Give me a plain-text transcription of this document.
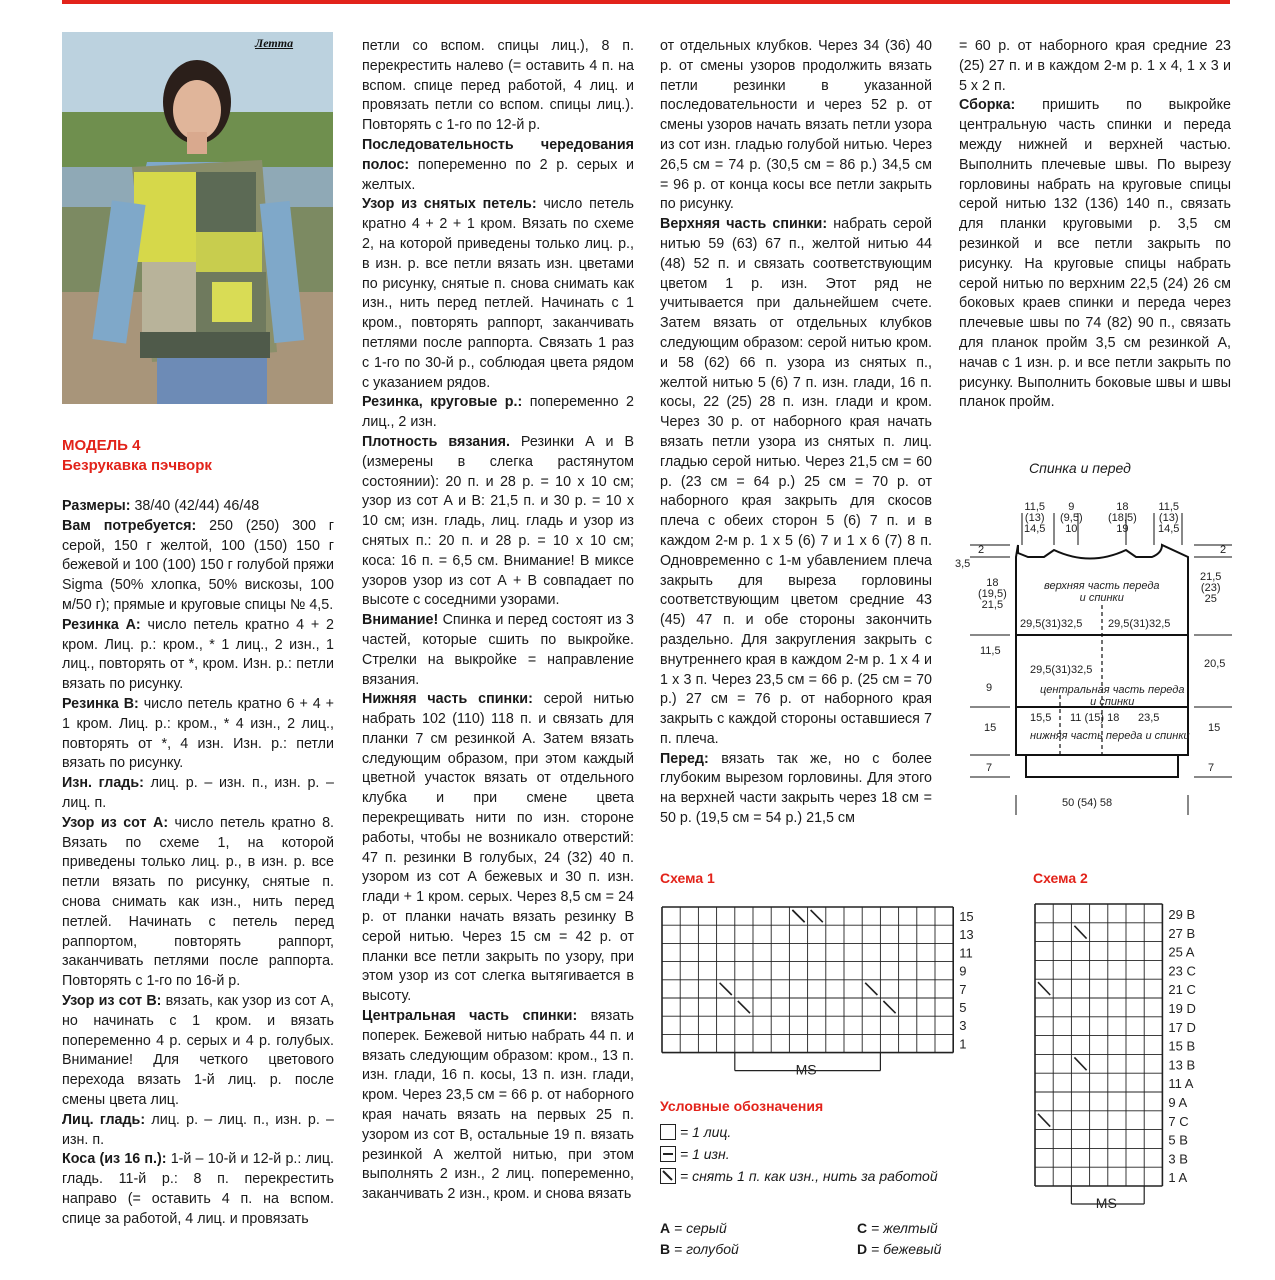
Летта
МОДЕЛЬ 4
Безрукавка пэчворк

Размеры: 38/40 (42/44) 46/48

Вам потребуется: 250 (250) 300 г серой, 150 г желтой, 100 (150) 150 г бежевой и 100 (100) 150 г голубой пряжи Sigma (50% хлопка, 50% вискозы, 100 м/50 г); прямые и круговые спицы № 4,5.

Резинка А: число петель кратно 4 + 2 кром. Лиц. р.: кром., * 1 лиц., 2 изн., 1 лиц., повторять от *, кром. Изн. р.: петли вязать по рисунку.

Резинка В: число петель кратно 6 + 4 + 1 кром. Лиц. р.: кром., * 4 изн., 2 лиц., повторять от *, 4 изн. Изн. р.: петли вязать по рисунку.

Изн. гладь: лиц. р. – изн. п., изн. р. – лиц. п.

Узор из сот А: число петель кратно 8. Вязать по схеме 1, на которой приведены только лиц. р., в изн. р. все петли вязать по рисунку, снятые п. снова снимать как изн., нить перед петлей. Начинать с петель перед раппортом, повторять раппорт, заканчивать петлями после раппорта. Повторять с 1-го по 16-й р.

Узор из сот В: вязать, как узор из сот А, но начинать с 1 кром. и вязать попеременно 4 р. серых и 4 р. голубых. Внимание! Для четкого цветового перехода вязать 1-й лиц. р. после смены цвета лиц.

Лиц. гладь: лиц. р. – лиц. п., изн. р. – изн. п.

Коса (из 16 п.): 1-й – 10-й и 12-й р.: лиц. гладь. 11-й р.: 8 п. перекрестить направо (= оставить 4 п. на вспом. спице за работой, 4 лиц. и провязать

петли со вспом. спицы лиц.), 8 п. перекрестить налево (= оставить 4 п. на вспом. спице перед работой, 4 лиц. и провязать петли со вспом. спицы лиц.). Повторять с 1-го по 12-й р.

Последовательность чередования полос: попеременно по 2 р. серых и желтых.

Узор из снятых петель: число петель кратно 4 + 2 + 1 кром. Вязать по схеме 2, на которой приведены только лиц. р., в изн. р. все петли вязать изн. цветами по рисунку, снятые п. снова снимать как изн., нить перед петлей. Начинать с 1 кром., повторять раппорт, заканчивать петлями после раппорта. Связать 1 раз с 1-го по 30-й р., соблюдая цвета рядом с указанием рядов.

Резинка, круговые р.: попеременно 2 лиц., 2 изн.

Плотность вязания. Резинки А и В (измерены в слегка растянутом состоянии): 20 п. и 28 р. = 10 x 10 см; узор из сот А и В: 21,5 п. и 30 р. = 10 x 10 см; изн. гладь, лиц. гладь и узор из снятых п.: 20 п. и 28 р. = 10 x 10 см; коса: 16 п. = 6,5 см. Внимание! В миксе узоров узор из сот А + В совпадает по высоте с соседними узорами.

Внимание! Спинка и перед состоят из 3 частей, которые сшить по выкройке. Стрелки на выкройке = направление вязания.

Нижняя часть спинки: серой нитью набрать 102 (110) 118 п. и связать для планки 7 см резинкой А. Затем вязать следующим образом, при этом каждый цветной участок вязать от отдельного клубка и при смене цвета перекрещивать нити по изн. стороне работы, чтобы не возникало отверстий: 47 п. резинки В голубых, 24 (32) 40 п. узором из сот А бежевых и 30 п. изн. глади + 1 кром. серых. Через 8,5 см = 24 р. от планки начать вязать резинку В серой нитью. Через 15 см = 42 р. от планки все петли закрыть по узору, при этом узор из сот слегка вытягивается в высоту.

Центральная часть спинки: вязать поперек. Бежевой нитью набрать 44 п. и вязать следующим образом: кром., 13 п. изн. глади, 16 п. косы, 13 п. изн. глади, кром. Через 23,5 см = 66 р. от наборного края начать вязать на первых 25 п. узором из сот В, остальные 19 п. вязать резинкой А желтой нитью, при этом выполнять 2 изн., 2 лиц. попеременно, заканчивать 2 изн., кром. и снова вязать

от отдельных клубков. Через 34 (36) 40 р. от смены узоров продолжить вязать петли резинки в указанной последовательности и через 52 р. от смены узоров начать вязать петли узора из сот изн. гладью голубой нитью. Через 26,5 см = 74 р. (30,5 см = 86 р.) 34,5 см = 96 р. от конца косы все петли закрыть по рисунку.

Верхняя часть спинки: набрать серой нитью 59 (63) 67 п., желтой нитью 44 (48) 52 п. и связать соответствующим цветом 1 р. изн. Этот ряд не учитывается при дальнейшем счете. Затем вязать от отдельных клубков следующим образом: серой нитью кром. и 58 (62) 66 п. узора из снятых п., желтой нитью 5 (6) 7 п. изн. глади, 16 п. косы, 22 (25) 28 п. изн. глади и кром. Через 30 р. от наборного края начать вязать петли узора из снятых п. лиц. гладью серой нитью. Через 21,5 см = 60 р. (23 см = 64 р.) 25 см = 70 р. от наборного края закрыть для скосов плеча с обеих сторон 5 (6) 7 п. и в каждом 2-м р. 1 x 5 (6) 7 и 1 x 6 (7) 8 п. Одновременно с 1-м убавлением плеча закрыть для выреза горловины соответствующим цветом средние 43 (45) 47 п. и обе стороны закончить раздельно. Для закругления закрыть с внутреннего края в каждом 2-м р. 1 x 4 и 1 x 3 п. Через 23,5 см = 66 р. (25 см = 70 р.) 27 см = 76 р. от наборного края закрыть с каждой стороны оставшиеся 7 п. плеча.

Перед: вязать так же, но с более глубоким вырезом горловины. Для этого на верхней части закрыть через 18 см = 50 р. (19,5 см = 54 р.) 21,5 см

= 60 р. от наборного края средние 23 (25) 27 п. и в каждом 2-м р. 1 x 4, 1 x 3 и 5 x 2 п.

Сборка: пришить по выкройке центральную часть спинки и переда между нижней и верхней частью. Выполнить плечевые швы. По вырезу горловины набрать на круговые спицы серой нитью 132 (136) 140 п., связать для планки круговыми р. 3,5 см резинкой и все петли закрыть по рисунку. На круговые спицы набрать серой нитью по верхним 22,5 (24) 26 см боковых краев спинки и переда через плечевые швы по 74 (82) 90 п., связать для планок пройм 3,5 см резинкой А, начав с 1 изн. р. и все петли закрыть по рисунку. Выполнить боковые швы и швы планок пройм.

Спинка и перед
11,5
(13)
14,5
9
(9,5)
10
18
(18,5)
19
11,5
(13)
14,5
2
3,5
18
(19,5)
21,5
11,5
9
15
7
2
21,5
(23)
25
20,5
15
7
верхняя часть переда
и спинки
29,5(31)32,5 29,5(31)32,5
29,5(31)32,5
центральная часть переда
и спинки
15,5 11 (15) 18 23,5
нижняя часть переда и спинки
50 (54) 58
Схема 1
15
13
11
9
7
5
3
1
MS
Схема 2
29 B
27 B
25 A
23 C
21 C
19 D
17 D
15 B
13 B
11 A
9 A
7 C
5 B
3 B
1 A
MS
Условные обозначения
= 1 лиц.
= 1 изн.
= снять 1 п. как изн., нить за работой
A = серый
B = голубой
C = желтый
D = бежевый
